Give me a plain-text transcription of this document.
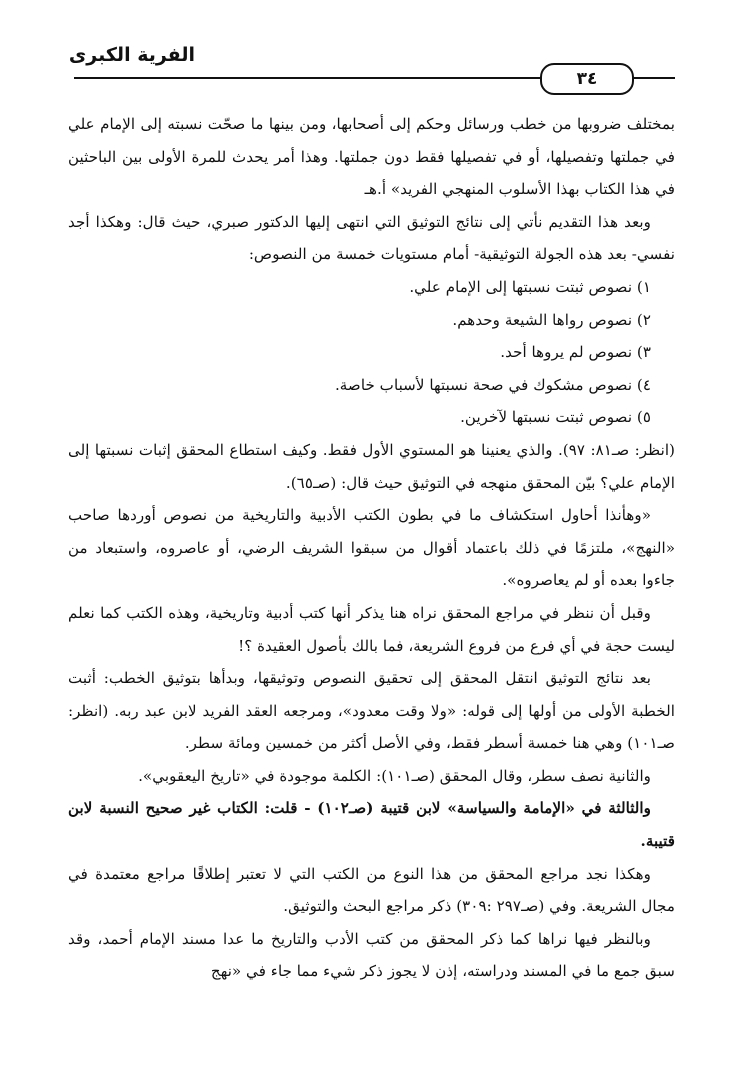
الفرية الكبرى
٣٤

بمختلف ضروبها من خطب ورسائل وحكم إلى أصحابها، ومن بينها ما صحّت نسبته إلى الإمام علي في جملتها وتفصيلها، أو في تفصيلها فقط دون جملتها. وهذا أمر يحدث للمرة الأولى بين الباحثين في هذا الكتاب بهذا الأسلوب المنهجي الفريد» أ.هـ

وبعد هذا التقديم نأتي إلى نتائج التوثيق التي انتهى إليها الدكتور صبري، حيث قال: وهكذا أجد نفسي- بعد هذه الجولة التوثيقية- أمام مستويات خمسة من النصوص:

١) نصوص ثبتت نسبتها إلى الإمام علي.

٢) نصوص رواها الشيعة وحدهم.

٣) نصوص لم يروها أحد.

٤) نصوص مشكوك في صحة نسبتها لأسباب خاصة.

٥) نصوص ثبتت نسبتها لآخرين.

(انظر: صـ٨١: ٩٧). والذي يعنينا هو المستوي الأول فقط. وكيف استطاع المحقق إثبات نسبتها إلى الإمام علي؟ بيّن المحقق منهجه في التوثيق حيث قال: (صـ٦٥).

«وهأنذا أحاول استكشاف ما في بطون الكتب الأدبية والتاريخية من نصوص أوردها صاحب «النهج»، ملتزمًا في ذلك باعتماد أقوال من سبقوا الشريف الرضي، أو عاصروه، واستبعاد من جاءوا بعده أو لم يعاصروه».

وقبل أن ننظر في مراجع المحقق نراه هنا يذكر أنها كتب أدبية وتاريخية، وهذه الكتب كما نعلم ليست حجة في أي فرع من فروع الشريعة، فما بالك بأصول العقيدة ؟!

بعد نتائج التوثيق انتقل المحقق إلى تحقيق النصوص وتوثيقها، وبدأها بتوثيق الخطب: أثبت الخطبة الأولى من أولها إلى قوله: «ولا وقت معدود»، ومرجعه العقد الفريد لابن عبد ربه. (انظر: صـ١٠١) وهي هنا خمسة أسطر فقط، وفي الأصل أكثر من خمسين ومائة سطر.

والثانية نصف سطر، وقال المحقق (صـ١٠١): الكلمة موجودة في «تاريخ اليعقوبي».

والثالثة في «الإمامة والسياسة» لابن قتيبة (صـ١٠٢) - قلت: الكتاب غير صحيح النسبة لابن قتيبة.

وهكذا نجد مراجع المحقق من هذا النوع من الكتب التي لا تعتبر إطلاقًا مراجع معتمدة في مجال الشريعة. وفي (صـ٢٩٧ :٣٠٩) ذكر مراجع البحث والتوثيق.

وبالنظر فيها نراها كما ذكر المحقق من كتب الأدب والتاريخ ما عدا مسند الإمام أحمد، وقد سبق جمع ما في المسند ودراسته، إذن لا يجوز ذكر شيء مما جاء في «نهج
